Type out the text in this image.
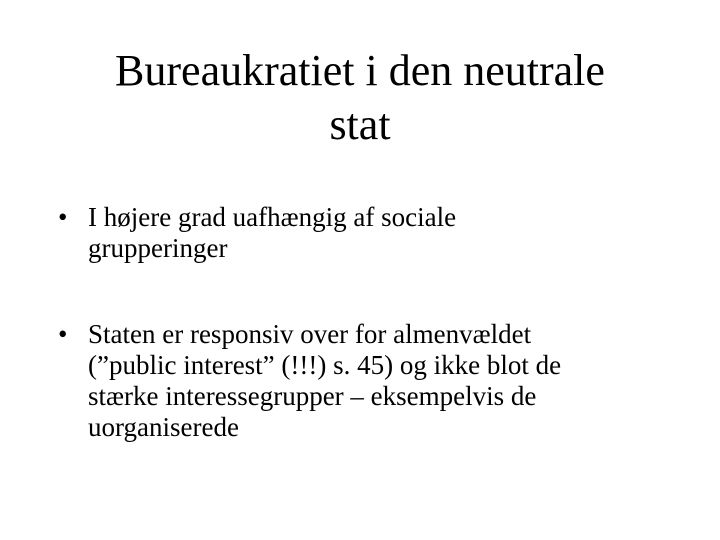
Bureaukratiet i den neutrale
stat
• I højere grad uafhængig af sociale
grupperinger
• Staten er responsiv over for almenvældet
(”public interest” (!!!) s. 45) og ikke blot de
stærke interessegrupper – eksempelvis de
uorganiserede
